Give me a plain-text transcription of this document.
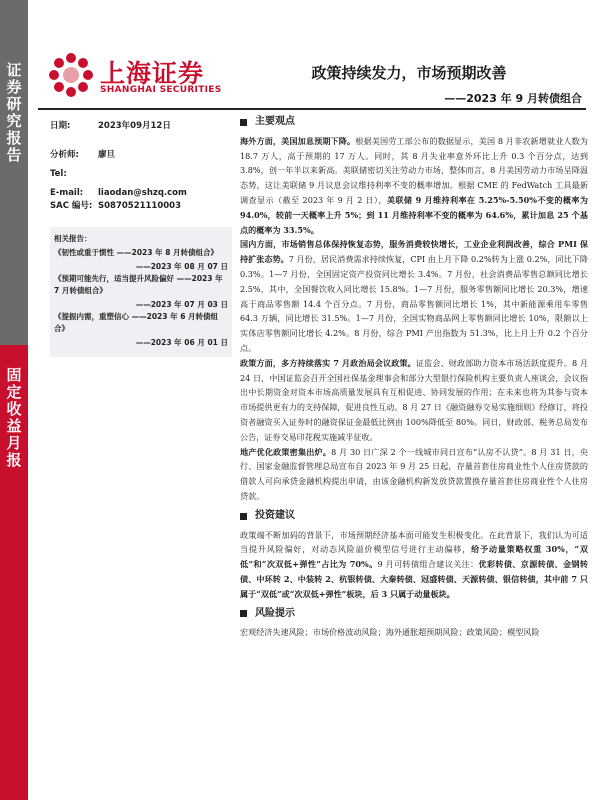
证券研究报告
固定收益月报
上海证券
SHANGHAI SECURITIES
政策持续发力，市场预期改善
——2023 年 9 月转债组合
日期:	2023年09月12日
分析师:	廖旦
Tel:
E-mail:	liaodan@shzq.com
SAC 编号: S0870521110003
相关报告：
《韧性或重于惯性 ——2023 年 8 月转债组合》
——2023 年 08 月 07 日
《预期可能先行，适当提升风险偏好 ——2023 年 7 月转债组合》
——2023 年 07 月 03 日
《提振内需，重塑信心 ——2023 年 6 月转债组合》
——2023 年 06 月 01 日
主要观点

海外方面，美国加息预期下降。根据美国劳工部公布的数据显示，美国 8 月非农新增就业人数为 18.7 万人，高于预期的 17 万人。同时，其 8 月失业率意外环比上升 0.3 个百分点，达到 3.8%，创一年半以来新高。美联储密切关注劳动力市场，整体而言，8 月美国劳动力市场呈降温态势，这让美联储 9 月议息会议维持利率不变的概率增加。根据 CME 的 FedWatch 工具最新调查显示（截至 2023 年 9 月 2 日），美联储 9 月维持利率在 5.25%-5.50%不变的概率为 94.0%，较前一天概率上升 5%；到 11 月维持利率不变的概率为 64.6%，累计加息 25 个基点的概率为 33.5%。

国内方面，市场销售总体保持恢复态势，服务消费较快增长，工业企业利润改善，综合 PMI 保持扩张态势。7 月份，居民消费需求持续恢复，CPI 由上月下降 0.2%转为上涨 0.2%，同比下降 0.3%。1—7 月份，全国固定资产投资同比增长 3.4%。7 月份，社会消费品零售总额同比增长 2.5%，其中，全国餐饮收入同比增长 15.8%。1—7 月份，服务零售额同比增长 20.3%，增速高于商品零售额 14.4 个百分点。7 月份，商品零售额同比增长 1%，其中新能源乘用车零售 64.3 万辆，同比增长 31.5%。1—7 月份，全国实物商品网上零售额同比增长 10%，限额以上实体店零售额同比增长 4.2%。8 月份，综合 PMI 产出指数为 51.3%，比上月上升 0.2 个百分点。

政策方面，多方持续落实 7 月政治局会议政策。证监会、财政部助力资本市场活跃度提升。8 月 24 日，中国证监会召开全国社保基金理事会和部分大型银行保险机构主要负责人座谈会，会议指出中长期资金对资本市场高质量发展具有互相促进、协同发展的作用；在未来也将为其参与资本市场提供更有力的支持保障，促进良性互动。8 月 27 日《融资融券交易实施细则》经修订，将投资者融资买入证券时的融资保证金最低比例由 100%降低至 80%。同日，财政部、税务总局发布公告，证券交易印花税实施减半征收。

地产优化政策密集出炉。8 月 30 日广深 2 个一线城市同日宣布“认房不认贷”。8 月 31 日，央行、国家金融监督管理总局宣布自 2023 年 9 月 25 日起，存量首套住房商业性个人住房贷款的借款人可向承贷金融机构提出申请，由该金融机构新发放贷款置换存量首套住房商业性个人住房贷款。

投资建议

政策端不断加码的背景下，市场预期经济基本面可能发生积极变化。在此背景下，我们认为可适当提升风险偏好，对动态风险溢价模型信号进行主动偏移，给予动量策略权重 30%，“双低”和“次双低+弹性”占比为 70%。9 月可转债组合建议关注：优彩转债、京源转债、金钢转债、中环转 2、中装转 2、杭银转债、大秦转债、冠盛转债、天源转债、银信转债，其中前 7 只属于“双低”或“次双低+弹性”板块，后 3 只属于动量板块。

风险提示

宏观经济失速风险；市场价格波动风险；海外通胀超预期风险；政策风险；模型风险
